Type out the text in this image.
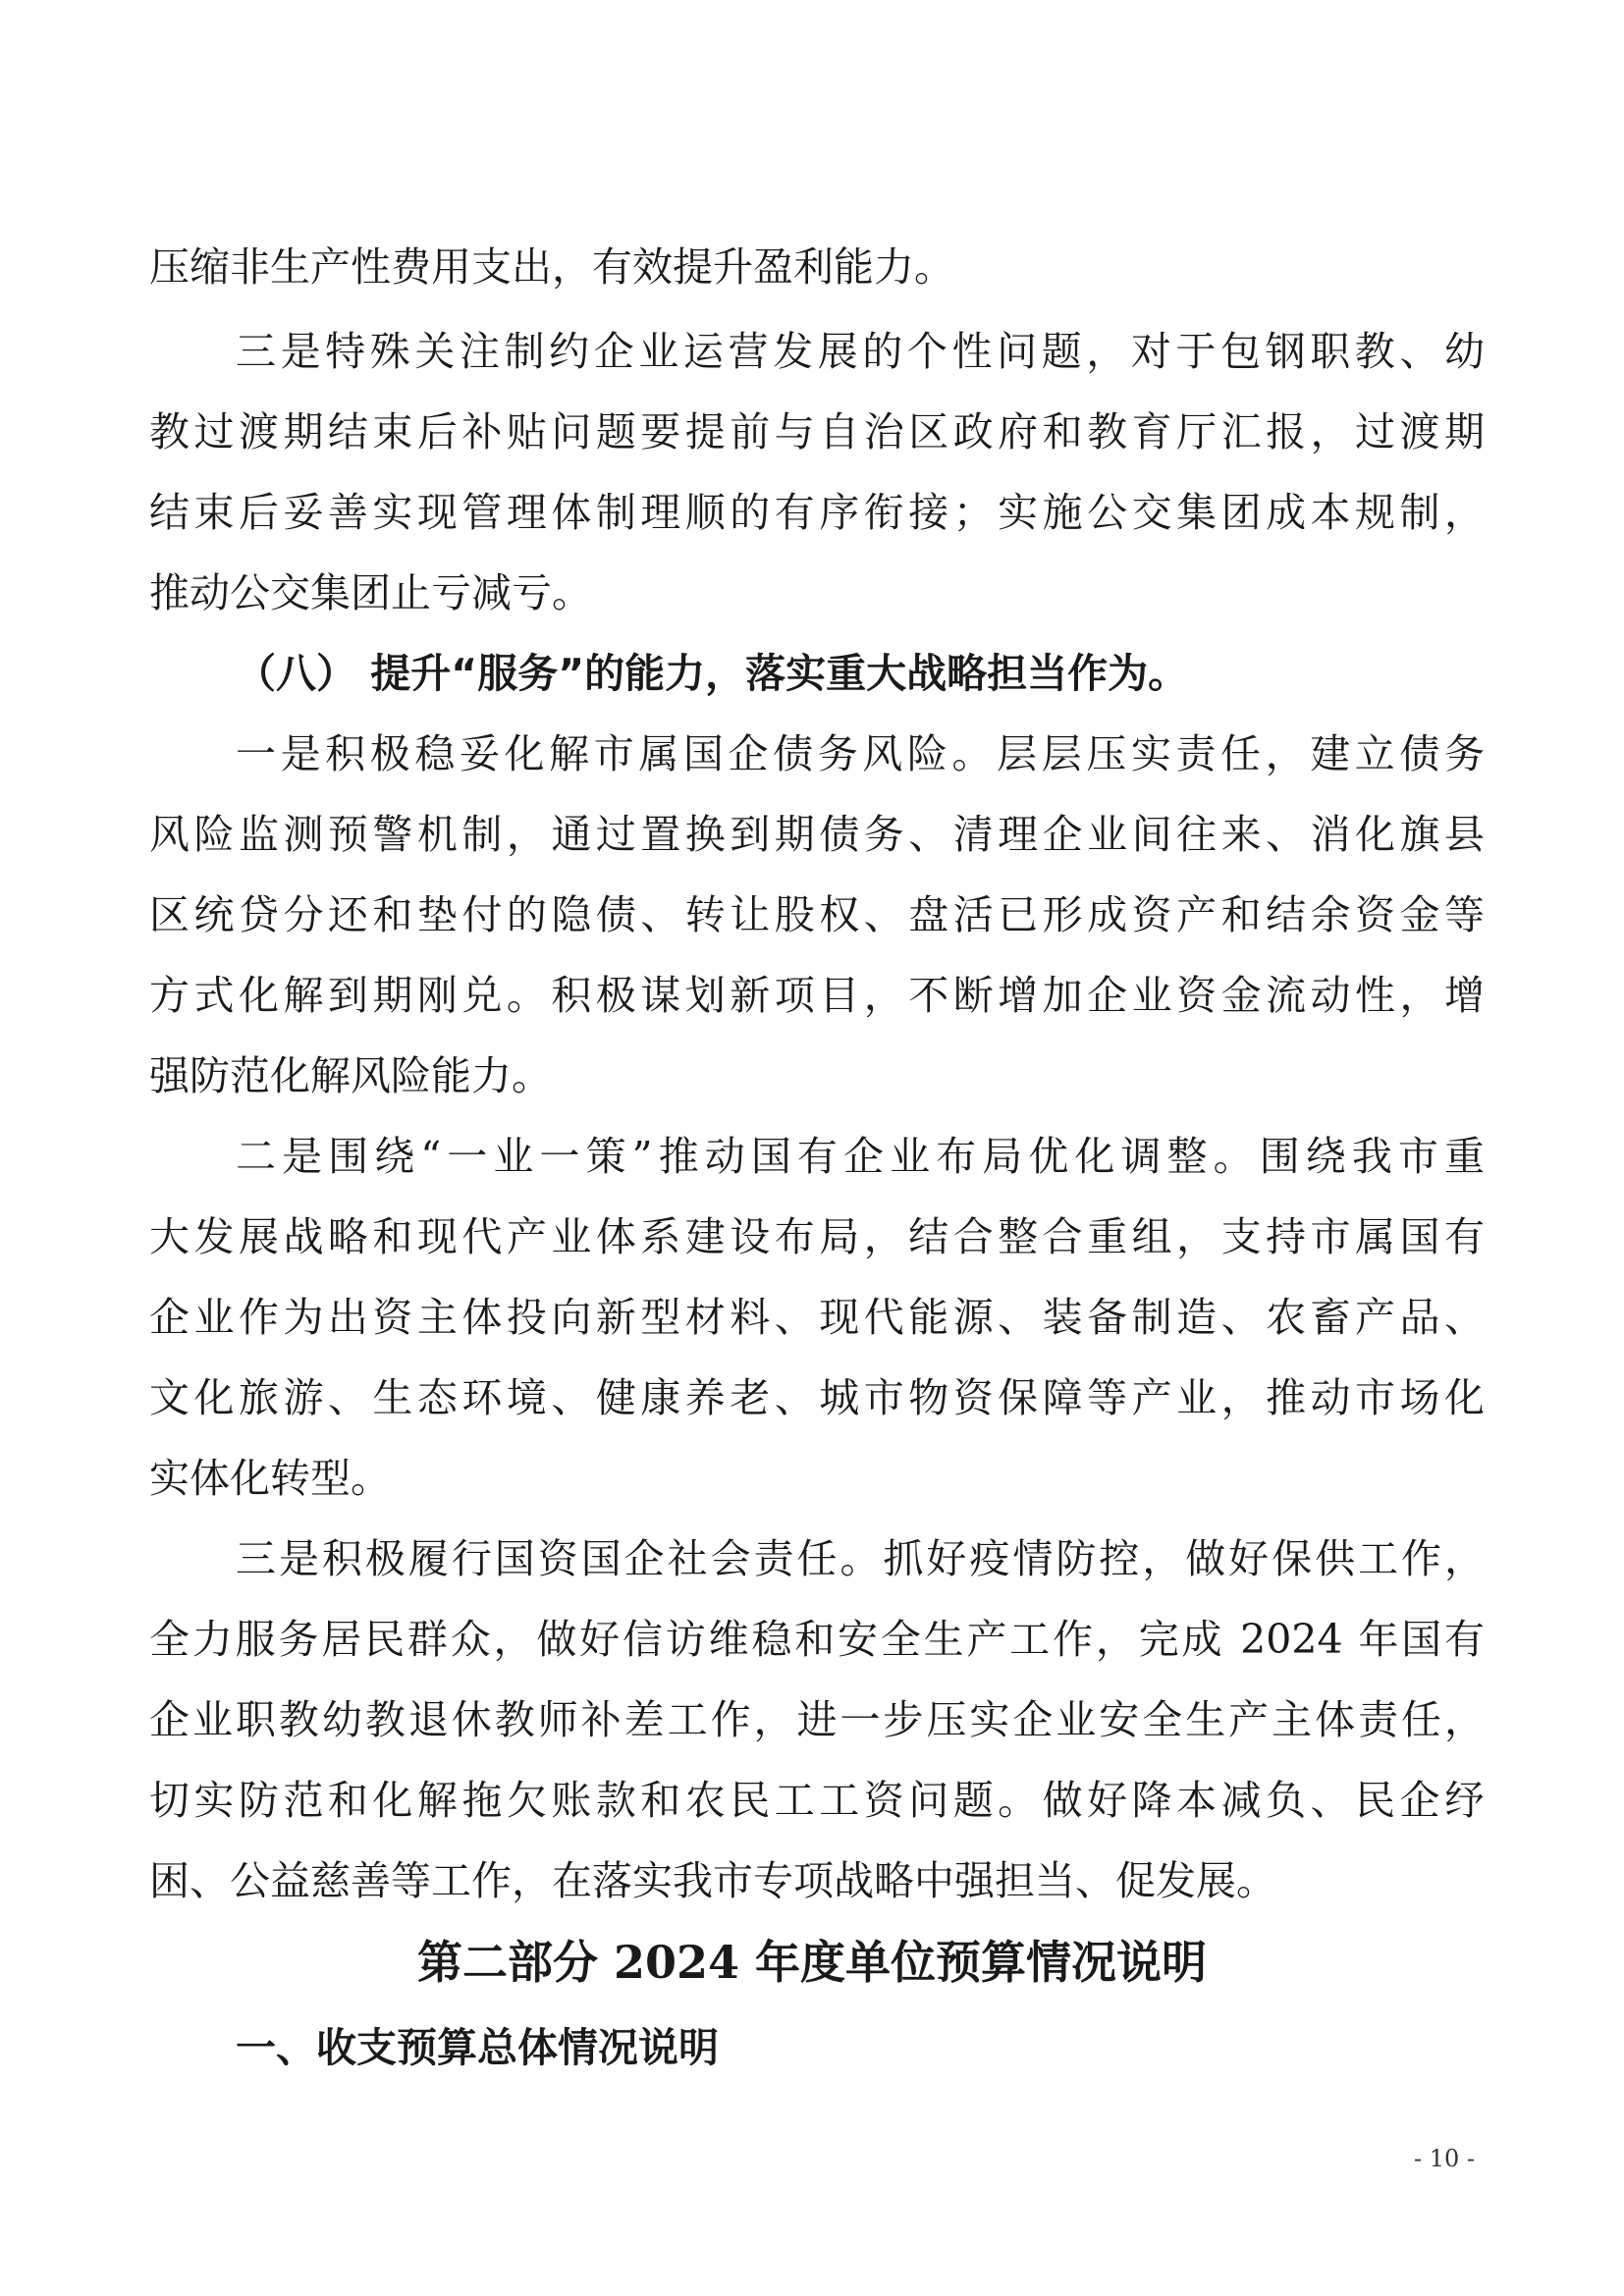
压缩非生产性费用支出，有效提升盈利能力。
三是特殊关注制约企业运营发展的个性问题，对于包钢职教、幼
教过渡期结束后补贴问题要提前与自治区政府和教育厅汇报，过渡期
结束后妥善实现管理体制理顺的有序衔接；实施公交集团成本规制，
推动公交集团止亏减亏。
（八） 提升“服务”的能力，落实重大战略担当作为。
一是积极稳妥化解市属国企债务风险。层层压实责任，建立债务
风险监测预警机制，通过置换到期债务、清理企业间往来、消化旗县
区统贷分还和垫付的隐债、转让股权、盘活已形成资产和结余资金等
方式化解到期刚兑。积极谋划新项目，不断增加企业资金流动性，增
强防范化解风险能力。
二是围绕“一业一策”推动国有企业布局优化调整。围绕我市重
大发展战略和现代产业体系建设布局，结合整合重组，支持市属国有
企业作为出资主体投向新型材料、现代能源、装备制造、农畜产品、
文化旅游、生态环境、健康养老、城市物资保障等产业，推动市场化
实体化转型。
三是积极履行国资国企社会责任。抓好疫情防控，做好保供工作，
全力服务居民群众，做好信访维稳和安全生产工作，完成 2024 年国有
企业职教幼教退休教师补差工作，进一步压实企业安全生产主体责任，
切实防范和化解拖欠账款和农民工工资问题。做好降本减负、民企纾
困、公益慈善等工作，在落实我市专项战略中强担当、促发展。
第二部分 2024 年度单位预算情况说明
一、收支预算总体情况说明
- 10 -
